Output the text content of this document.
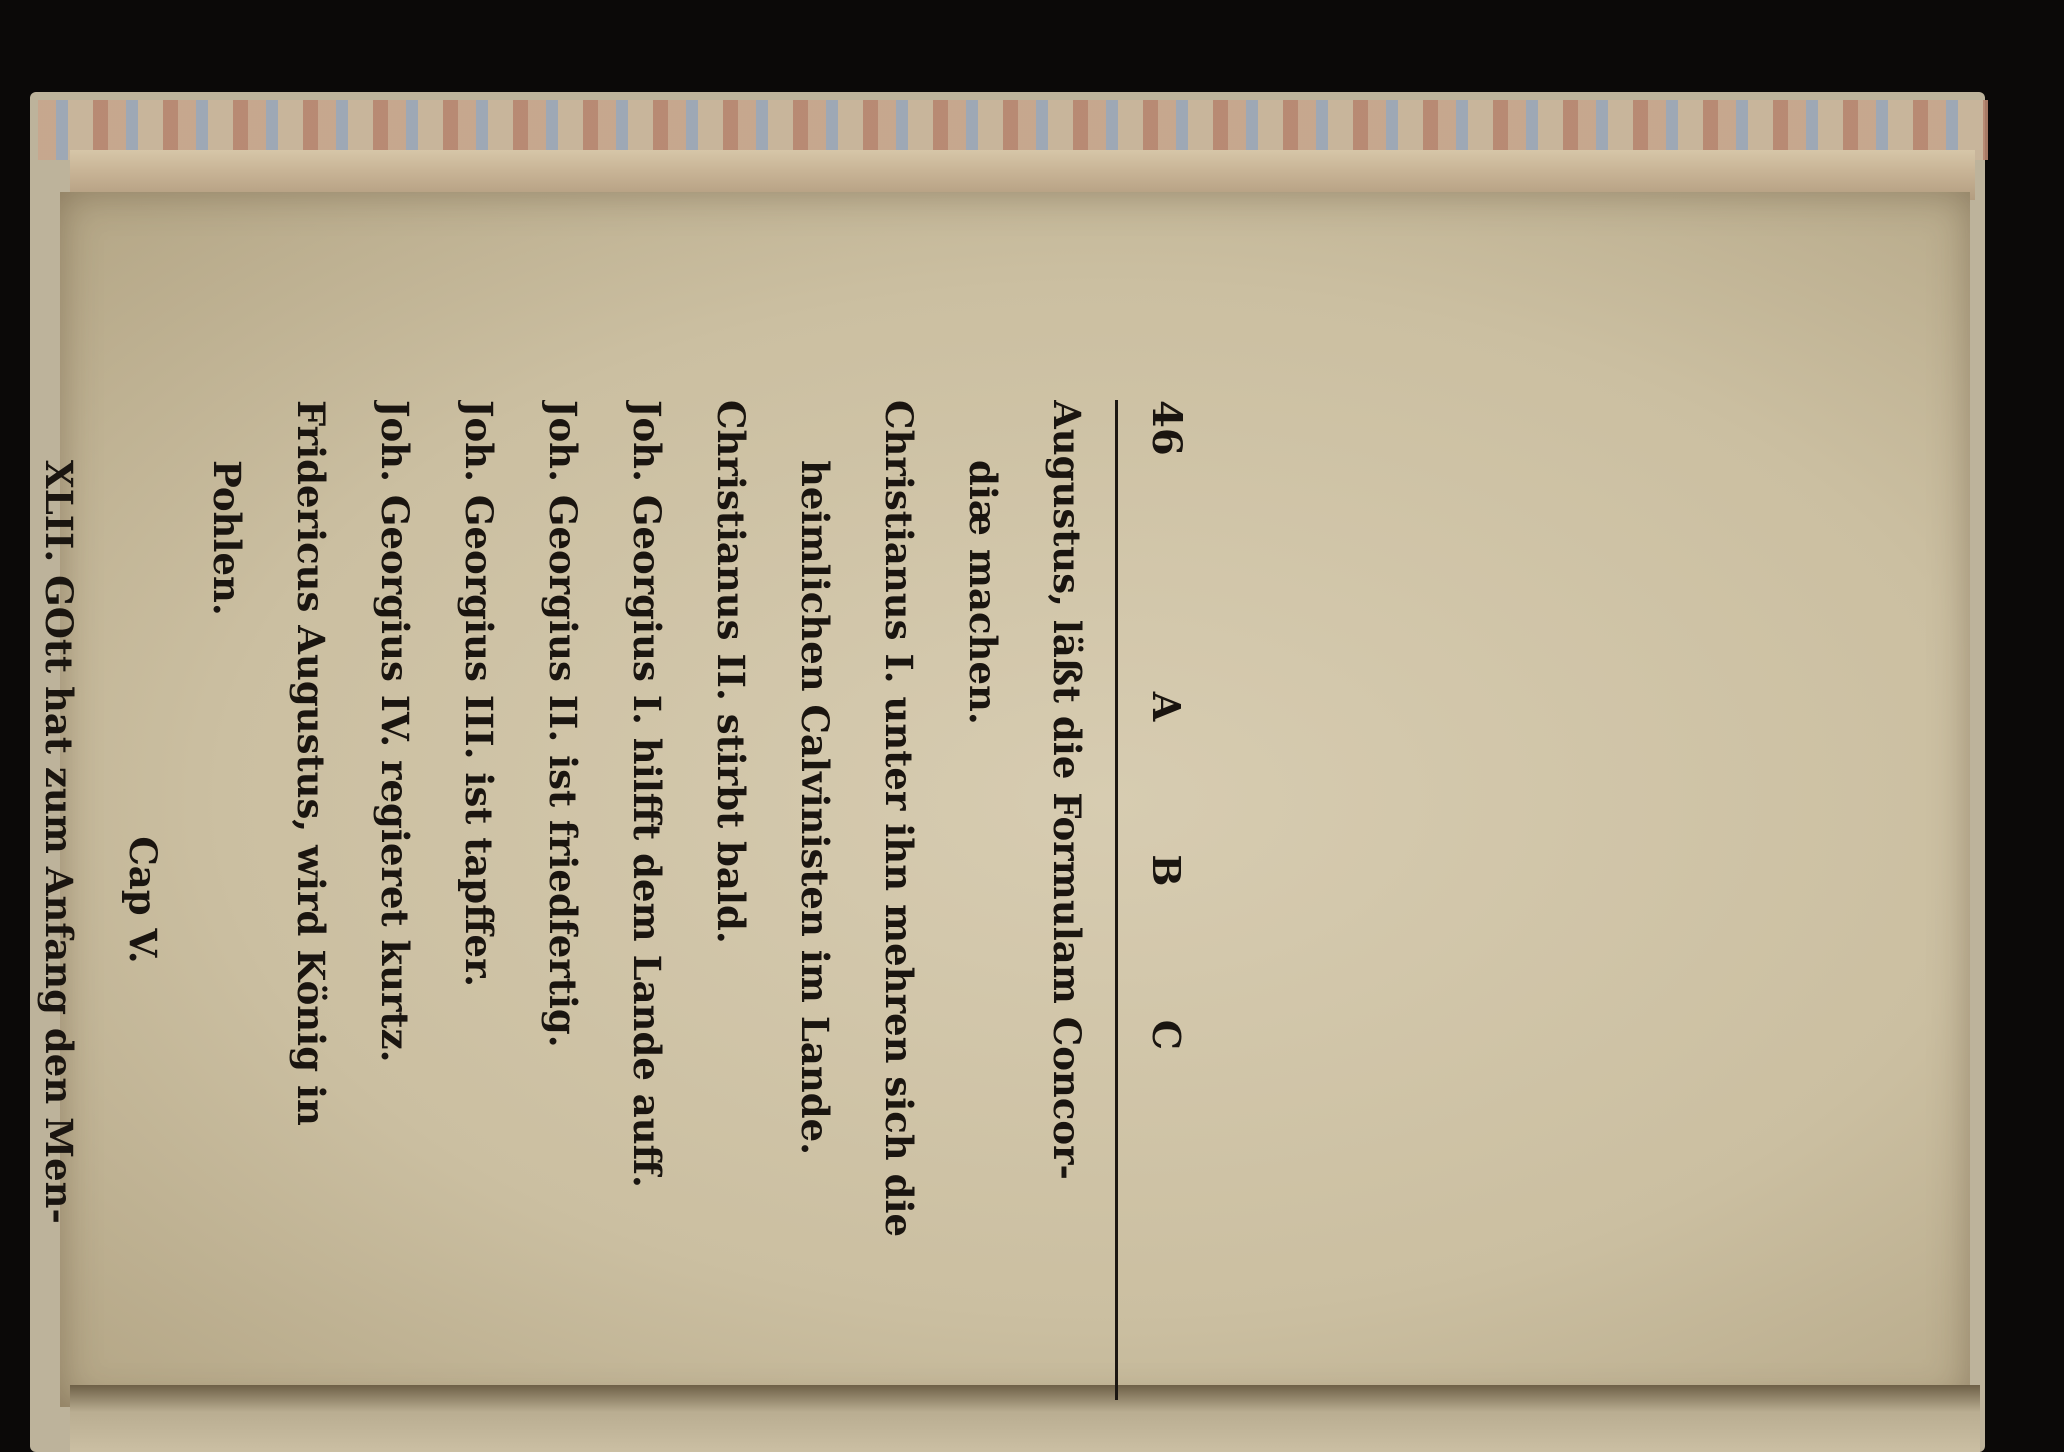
46
A B C
Augustus, läßt die Formulam Concor-
diæ machen.
Christianus I. unter ihn mehren sich die
heimlichen Calvinisten im Lande.
Christianus II. stirbt bald.
Joh. Georgius I. hilfft dem Lande auff.
Joh. Georgius II. ist friedfertig.
Joh. Georgius III. ist tapffer.
Joh. Georgius IV. regieret kurtz.
Fridericus Augustus, wird König in
Pohlen.
Cap V.
XLII. GOtt hat zum Anfang den Men-
